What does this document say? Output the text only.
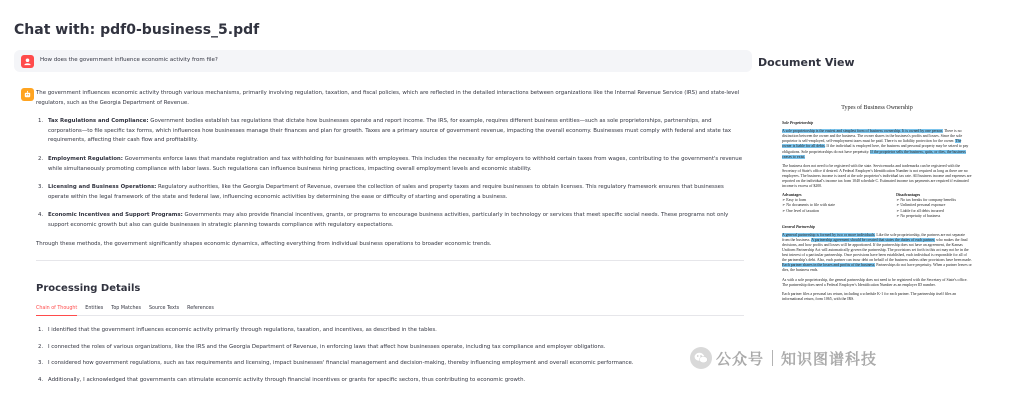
Chat with: pdf0-business_5.pdf
How does the government influence economic activity from file?

The government influences economic activity through various mechanisms, primarily involving regulation, taxation, and fiscal policies, which are reflected in the detailed interactions between organizations like the Internal Revenue Service (IRS) and state-level regulators, such as the Georgia Department of Revenue.

1. Tax Regulations and Compliance: Government bodies establish tax regulations that dictate how businesses operate and report income. The IRS, for example, requires different business entities—such as sole proprietorships, partnerships, and corporations—to file specific tax forms, which influences how businesses manage their finances and plan for growth. Taxes are a primary source of government revenue, impacting the overall economy. Businesses must comply with federal and state tax requirements, affecting their cash flow and profitability.
2. Employment Regulation: Governments enforce laws that mandate registration and tax withholding for businesses with employees. This includes the necessity for employers to withhold certain taxes from wages, contributing to the government's revenue while simultaneously promoting compliance with labor laws. Such regulations can influence business hiring practices, impacting overall employment levels and economic stability.
3. Licensing and Business Operations: Regulatory authorities, like the Georgia Department of Revenue, oversee the collection of sales and property taxes and require businesses to obtain licenses. This regulatory framework ensures that businesses operate within the legal framework of the state and federal law, influencing economic activities by determining the ease or difficulty of starting and operating a business.
4. Economic Incentives and Support Programs: Governments may also provide financial incentives, grants, or programs to encourage business activities, particularly in technology or services that meet specific social needs. These programs not only support economic growth but also can guide businesses in strategic planning towards compliance with regulatory expectations.

Through these methods, the government significantly shapes economic dynamics, affecting everything from individual business operations to broader economic trends.

Processing Details
Chain of Thought Entities Top Matches Source Texts References
1. I identified that the government influences economic activity primarily through regulations, taxation, and incentives, as described in the tables.
2. I connected the roles of various organizations, like the IRS and the Georgia Department of Revenue, in enforcing laws that affect how businesses operate, including tax compliance and employer obligations.
3. I considered how government regulations, such as tax requirements and licensing, impact businesses' financial management and decision-making, thereby influencing employment and overall economic performance.
4. Additionally, I acknowledged that governments can stimulate economic activity through financial incentives or grants for specific sectors, thus contributing to economic growth.
Document View
Types of Business Ownership
Sole Proprietorship
A sole proprietorship is the easiest and simplest form of business ownership. It is owned by one person. There is no distinction between the owner and the business. The owner shares in the business's profits and losses. Since the sole proprietor is self-employed, self-employment taxes must be paid. There is no liability protection for the owner. The owner is liable for all debts. If the individual is employed here, the business and personal property may be seized to pay obligations. Sole proprietorships do not have perpetuity. If the proprietor sells the business, quits, or dies, the business ceases to exist.
The business does not need to be registered with the state. Servicemarks and trademarks can be registered with the Secretary of State's office if desired. A Federal Employer's Identification Number is not required as long as there are no employees. The business income is taxed at the sole proprietor's individual tax rate. All business income and expenses are reported on the individual's income tax form 1040 schedule C. Estimated income tax payments are required if estimated income is excess of $200.
Advantages
➢ Easy to form
➢ No documents to file with state
➢ One level of taxation
Disadvantages
➢ No tax breaks for company benefits
➢ Unlimited personal exposure
➢ Liable for all debts incurred
➢ No perpetuity of business
General Partnership
A general partnership is formed by two or more individuals. Like the sole proprietorship, the partners are not separate from the business. A partnership agreement should be created that states the duties of each partner, who makes the final decisions, and how profits and losses will be apportioned. If the partnership does not have an agreement, the Kansas Uniform Partnership Act will automatically govern the partnership. The provisions set forth in this act may not be in the best interest of a particular partnership. Once provisions have been established, each individual is responsible for all of the partnership's debt. Also, each partner can incur debt on behalf of the business unless other provisions have been made. Each partner shares in the losses and profits of the business. Partnerships do not have perpetuity. When a partner leaves or dies, the business ends.
As with a sole proprietorship, the general partnership does not need to be registered with the Secretary of State's office. The partnership does need a Federal Employer's Identification Number as an employer ID number.
Each partner files a personal tax return, including a schedule K-1 for each partner. The partnership itself files an informational return, form 1065, with the IRS.
公众号 知识图谱科技
